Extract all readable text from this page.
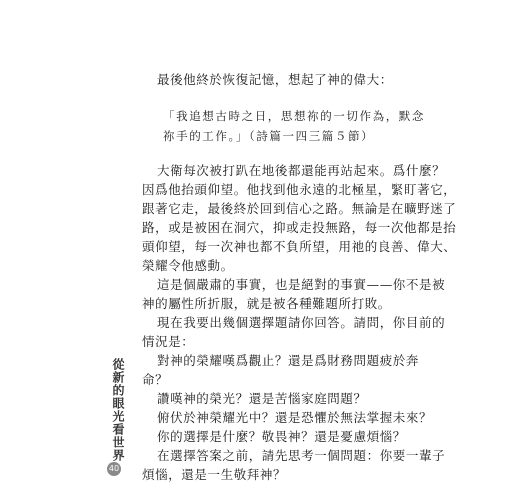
最後他終於恢復記憶，想起了神的偉大：
「我追想古時之日，思想祢的一切作為，默念
祢手的工作。」（詩篇一四三篇５節）
大衛每次被打趴在地後都還能再站起來。爲什麼？
因爲他抬頭仰望。他找到他永遠的北極星，緊盯著它，
跟著它走，最後終於回到信心之路。無論是在曠野迷了
路，或是被困在洞穴，抑或走投無路，每一次他都是抬
頭仰望，每一次神也都不負所望，用祂的良善、偉大、
榮耀令他感動。
這是個嚴肅的事實，也是絕對的事實——你不是被
神的屬性所折服，就是被各種難題所打敗。
現在我要出幾個選擇題請你回答。請問，你目前的
情況是：
對神的榮耀嘆爲觀止？還是爲財務問題疲於奔
命？
讚嘆神的榮光？還是苦惱家庭問題？
俯伏於神榮耀光中？還是恐懼於無法掌握未來？
你的選擇是什麼？敬畏神？還是憂慮煩惱？
在選擇答案之前，請先思考一個問題：你要一輩子
煩惱，還是一生敬拜神？
從新的眼光看世界
40
